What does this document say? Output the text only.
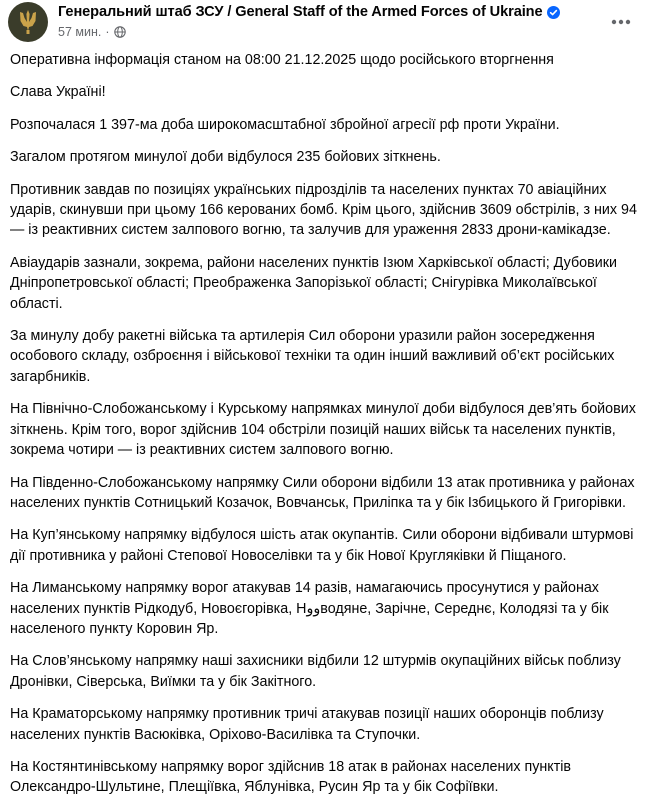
Генеральний штаб ЗСУ / General Staff of the Armed Forces of Ukraine
57 мин. ·

Оперативна інформація станом на 08:00 21.12.2025 щодо російського вторгнення

Слава Україні!

Розпочалася 1 397-ма доба широкомасштабної збройної агресії рф проти України.

Загалом протягом минулої доби відбулося 235 бойових зіткнень.

Противник завдав по позиціях українських підрозділів та населених пунктах 70 авіаційних ударів, скинувши при цьому 166 керованих бомб. Крім цього, здійснив 3609 обстрілів, з них 94 — із реактивних систем залпового вогню, та залучив для ураження 2833 дрони-камікадзе.

Авіаударів зазнали, зокрема, райони населених пунктів Ізюм Харківської області; Дубовики Дніпропетровської області; Преображенка Запорізької області; Снігурівка Миколаївської області.

За минулу добу ракетні війська та артилерія Сил оборони уразили район зосередження особового складу, озброєння і військової техніки та один інший важливий об’єкт російських загарбників.

На Північно-Слобожанському і Курському напрямках минулої доби відбулося дев’ять бойових зіткнень. Крім того, ворог здійснив 104 обстріли позицій наших військ та населених пунктів, зокрема чотири — із реактивних систем залпового вогню.

На Південно-Слобожанському напрямку Сили оборони відбили 13 атак противника у районах населених пунктів Сотницький Козачок, Вовчанськ, Приліпка та у бік Ізбицького й Григорівки.

На Куп’янському напрямку відбулося шість атак окупантів. Сили оборони відбивали штурмові дії противника у районі Степової Новоселівки та у бік Нової Кругляківки й Піщаного.

На Лиманському напрямку ворог атакував 14 разів, намагаючись просунутися у районах населених пунктів Рідкодуб, Новоєгорівка, Нووводяне, Зарічне, Середнє, Колодязі та у бік населеного пункту Коровин Яр.

На Слов’янському напрямку наші захисники відбили 12 штурмів окупаційних військ поблизу Дронівки, Сіверська, Виїмки та у бік Закітного.

На Краматорському напрямку противник тричі атакував позиції наших оборонців поблизу населених пунктів Васюківка, Оріхово-Василівка та Ступочки.

На Костянтинівському напрямку ворог здійснив 18 атак в районах населених пунктів Олександро-Шультине, Плещіївка, Яблунівка, Русин Яр та у бік Софіївки.
